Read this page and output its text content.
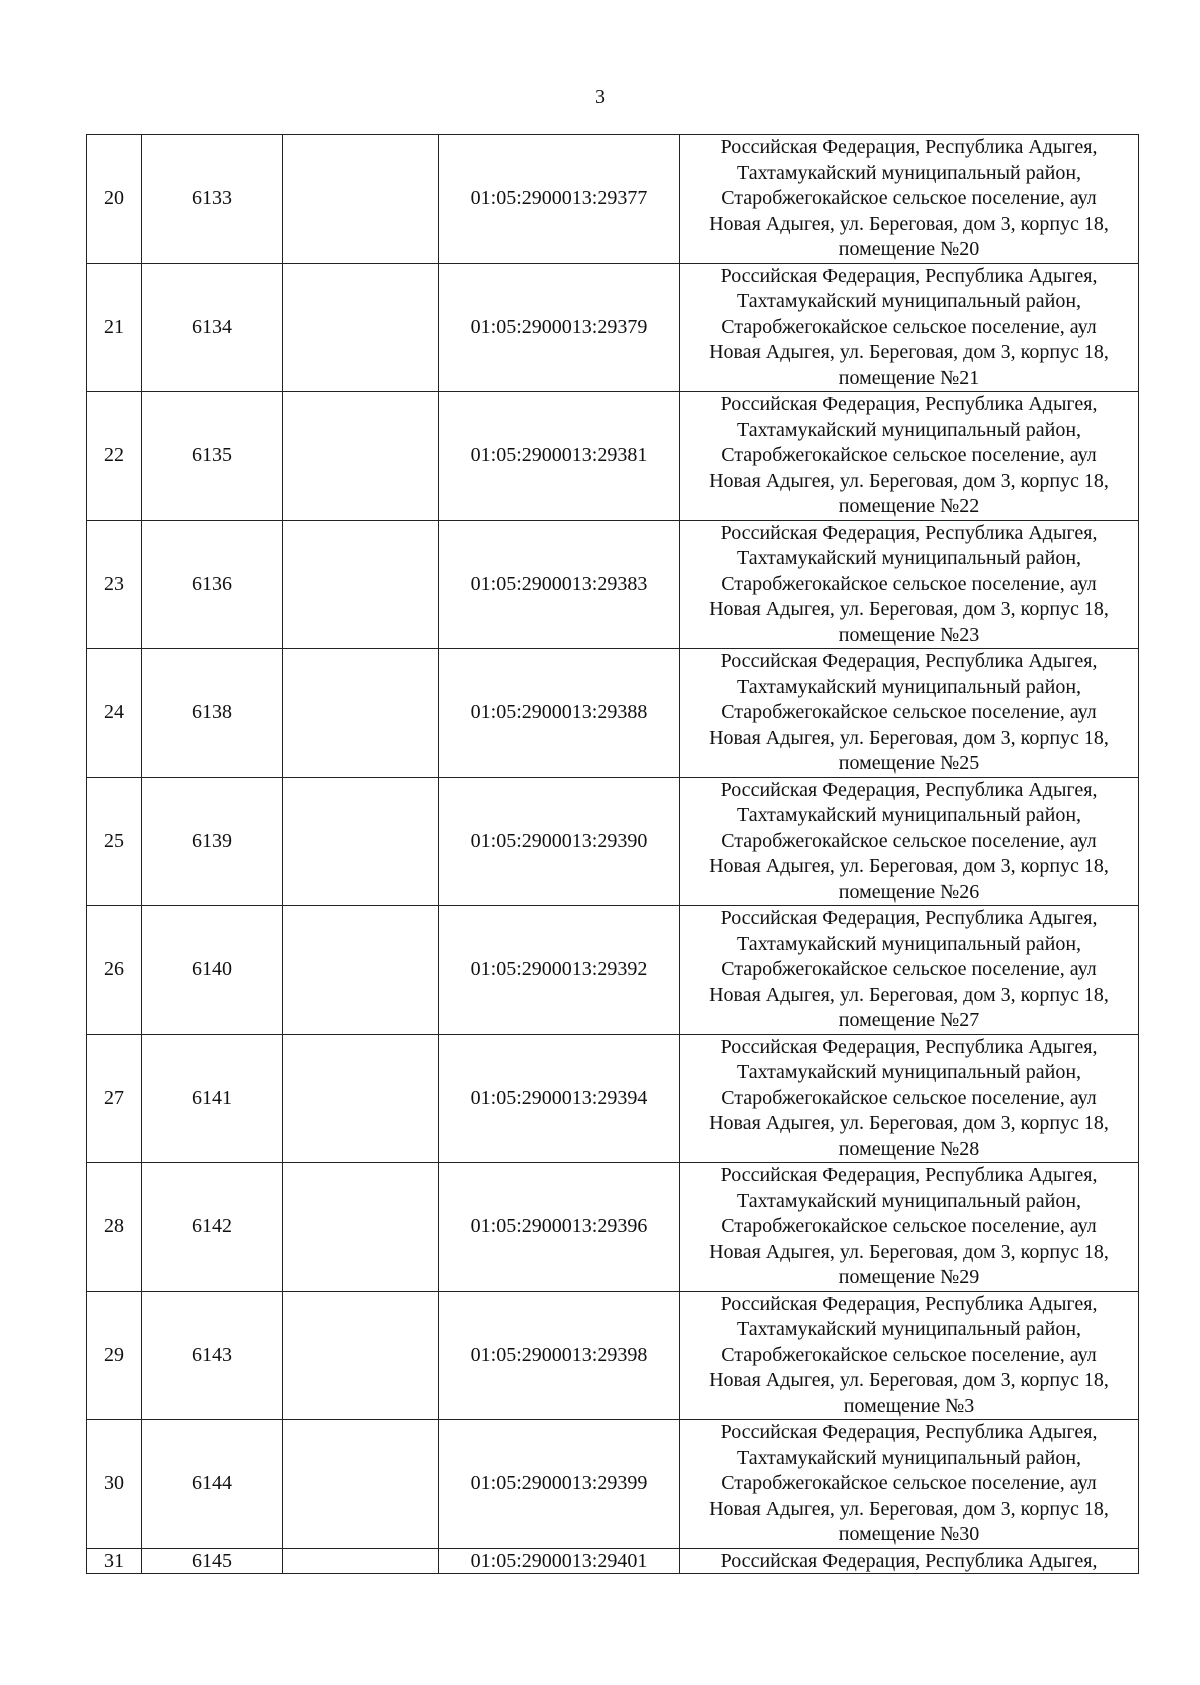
3
20	6133		01:05:2900013:29377	Российская Федерация, Республика Адыгея,
Тахтамукайский муниципальный район,
Старобжегокайское сельское поселение, аул
Новая Адыгея, ул. Береговая, дом 3, корпус 18,
помещение №20

21	6134		01:05:2900013:29379	Российская Федерация, Республика Адыгея,
Тахтамукайский муниципальный район,
Старобжегокайское сельское поселение, аул
Новая Адыгея, ул. Береговая, дом 3, корпус 18,
помещение №21

22	6135		01:05:2900013:29381	Российская Федерация, Республика Адыгея,
Тахтамукайский муниципальный район,
Старобжегокайское сельское поселение, аул
Новая Адыгея, ул. Береговая, дом 3, корпус 18,
помещение №22

23	6136		01:05:2900013:29383	Российская Федерация, Республика Адыгея,
Тахтамукайский муниципальный район,
Старобжегокайское сельское поселение, аул
Новая Адыгея, ул. Береговая, дом 3, корпус 18,
помещение №23

24	6138		01:05:2900013:29388	Российская Федерация, Республика Адыгея,
Тахтамукайский муниципальный район,
Старобжегокайское сельское поселение, аул
Новая Адыгея, ул. Береговая, дом 3, корпус 18,
помещение №25

25	6139		01:05:2900013:29390	Российская Федерация, Республика Адыгея,
Тахтамукайский муниципальный район,
Старобжегокайское сельское поселение, аул
Новая Адыгея, ул. Береговая, дом 3, корпус 18,
помещение №26

26	6140		01:05:2900013:29392	Российская Федерация, Республика Адыгея,
Тахтамукайский муниципальный район,
Старобжегокайское сельское поселение, аул
Новая Адыгея, ул. Береговая, дом 3, корпус 18,
помещение №27

27	6141		01:05:2900013:29394	Российская Федерация, Республика Адыгея,
Тахтамукайский муниципальный район,
Старобжегокайское сельское поселение, аул
Новая Адыгея, ул. Береговая, дом 3, корпус 18,
помещение №28

28	6142		01:05:2900013:29396	Российская Федерация, Республика Адыгея,
Тахтамукайский муниципальный район,
Старобжегокайское сельское поселение, аул
Новая Адыгея, ул. Береговая, дом 3, корпус 18,
помещение №29

29	6143		01:05:2900013:29398	Российская Федерация, Республика Адыгея,
Тахтамукайский муниципальный район,
Старобжегокайское сельское поселение, аул
Новая Адыгея, ул. Береговая, дом 3, корпус 18,
помещение №3

30	6144		01:05:2900013:29399	Российская Федерация, Республика Адыгея,
Тахтамукайский муниципальный район,
Старобжегокайское сельское поселение, аул
Новая Адыгея, ул. Береговая, дом 3, корпус 18,
помещение №30

31	6145		01:05:2900013:29401	Российская Федерация, Республика Адыгея,
